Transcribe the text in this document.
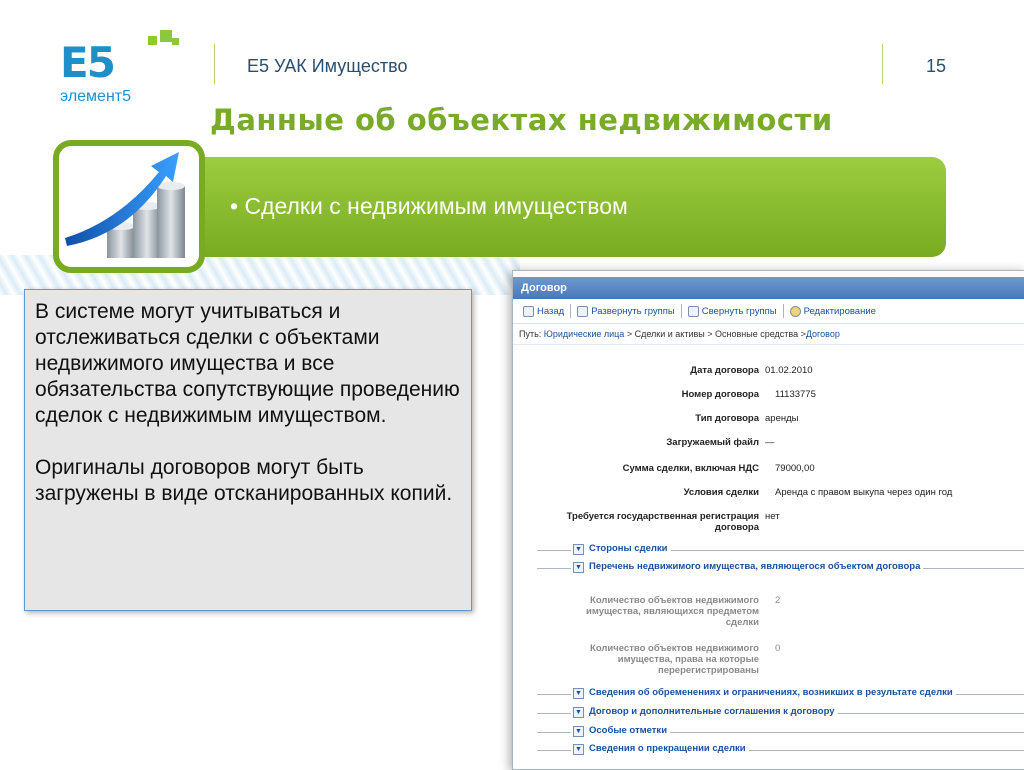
E5
элемент5
Е5 УАК Имущество	15
Данные об объектах недвижимости
• Сделки с недвижимым имуществом

В системе могут учитываться и отслеживаться сделки с объектами недвижимого имущества и все обязательства сопутствующие проведению сделок с недвижимым имуществом.

Оригиналы договоров могут быть загружены в виде отсканированных копий.

Договор
Назад	Развернуть группы	Свернуть группы	Редактирование
Путь: Юридические лица > Сделки и активы > Основные средства >Договор
Дата договора 01.02.2010
Номер договора 11133775
Тип договора аренды
Загружаемый файл —
Сумма сделки, включая НДС 79000,00
Условия сделки Аренда с правом выкупа через один год
Требуется государственная регистрация договора
нет
▼ Стороны сделки
▼ Перечень недвижимого имущества, являющегося объектом договора
Количество объектов недвижимого имущества, являющихся предметом сделки
2
Количество объектов недвижимого имущества, права на которые перерегистрированы
0
▼ Сведения об обременениях и ограничениях, возникших в результате сделки
▼ Договор и дополнительные соглашения к договору
▼ Особые отметки
▼ Сведения о прекращении сделки
